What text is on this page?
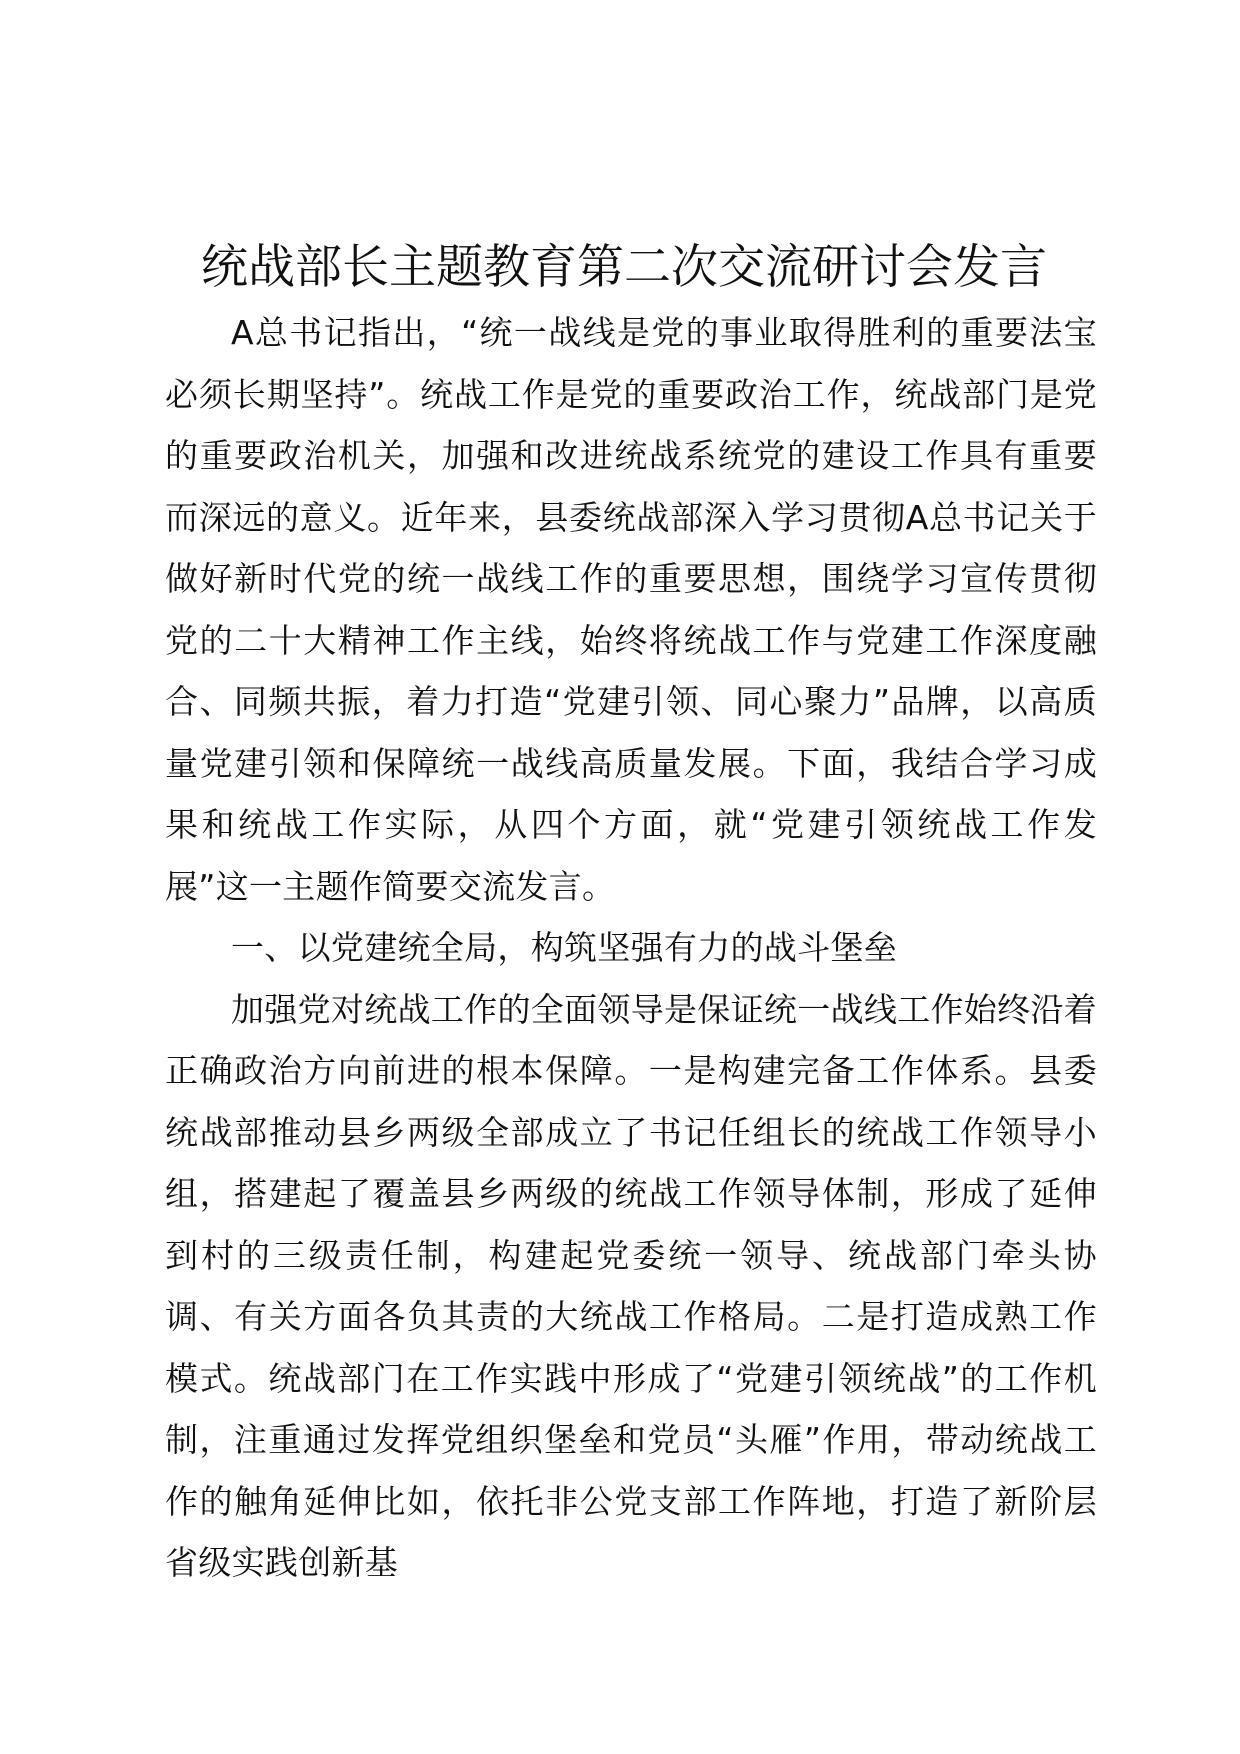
统战部长主题教育第二次交流研讨会发言

A总书记指出，“统一战线是党的事业取得胜利的重要法宝必须长期坚持”。统战工作是党的重要政治工作，统战部门是党的重要政治机关，加强和改进统战系统党的建设工作具有重要而深远的意义。近年来，县委统战部深入学习贯彻A总书记关于做好新时代党的统一战线工作的重要思想，围绕学习宣传贯彻党的二十大精神工作主线，始终将统战工作与党建工作深度融合、同频共振，着力打造“党建引领、同心聚力”品牌，以高质量党建引领和保障统一战线高质量发展。下面，我结合学习成果和统战工作实际，从四个方面，就“党建引领统战工作发展”这一主题作简要交流发言。

一、以党建统全局，构筑坚强有力的战斗堡垒

加强党对统战工作的全面领导是保证统一战线工作始终沿着正确政治方向前进的根本保障。一是构建完备工作体系。县委统战部推动县乡两级全部成立了书记任组长的统战工作领导小组，搭建起了覆盖县乡两级的统战工作领导体制，形成了延伸到村的三级责任制，构建起党委统一领导、统战部门牵头协调、有关方面各负其责的大统战工作格局。二是打造成熟工作模式。统战部门在工作实践中形成了“党建引领统战”的工作机制，注重通过发挥党组织堡垒和党员“头雁”作用，带动统战工作的触角延伸比如，依托非公党支部工作阵地，打造了新阶层省级实践创新基
